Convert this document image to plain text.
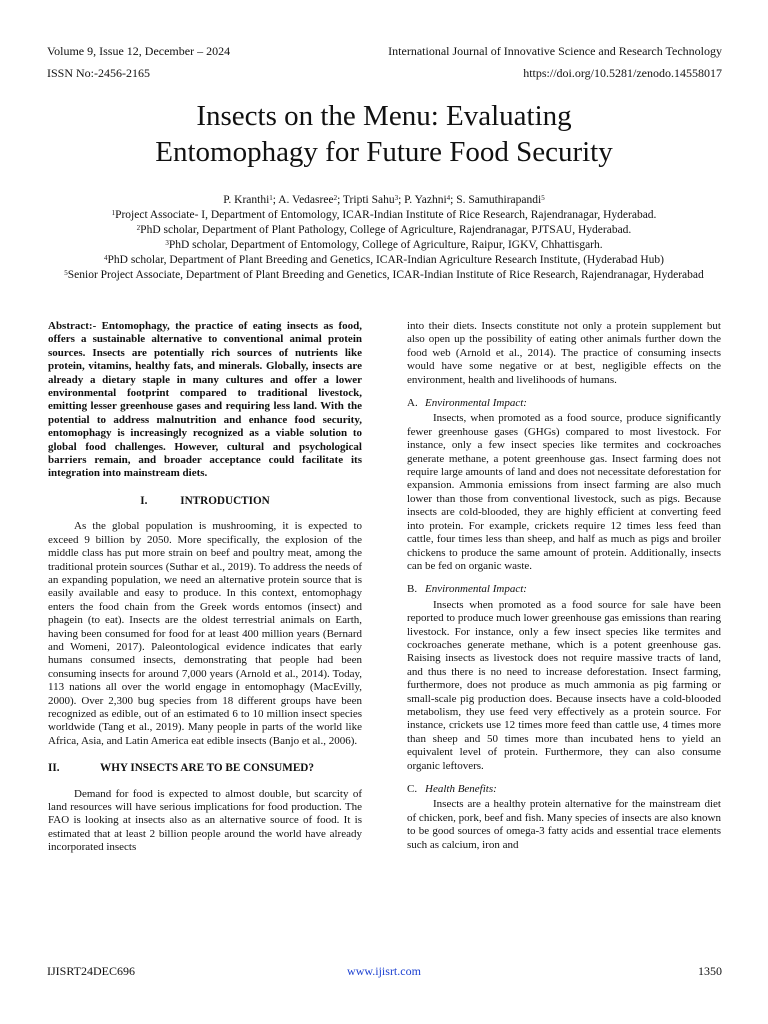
Volume 9, Issue 12, December – 2024	International Journal of Innovative Science and Research Technology
ISSN No:-2456-2165	https://doi.org/10.5281/zenodo.14558017
Insects on the Menu: Evaluating
Entomophagy for Future Food Security

P. Kranthi$^1$; A. Vedasree$^2$; Tripti Sahu$^3$; P. Yazhni$^4$; S. Samuthirapandi$^5$

$^1$Project Associate- I, Department of Entomology, ICAR-Indian Institute of Rice Research, Rajendranagar, Hyderabad.

$^2$PhD scholar, Department of Plant Pathology, College of Agriculture, Rajendranagar, PJTSAU, Hyderabad.

$^3$PhD scholar, Department of Entomology, College of Agriculture, Raipur, IGKV, Chhattisgarh.

$^4$PhD scholar, Department of Plant Breeding and Genetics, ICAR-Indian Agriculture Research Institute, (Hyderabad Hub)

$^5$Senior Project Associate, Department of Plant Breeding and Genetics, ICAR-Indian Institute of Rice Research, Rajendranagar, Hyderabad

Abstract:- Entomophagy, the practice of eating insects as food, offers a sustainable alternative to conventional animal protein sources. Insects are potentially rich sources of nutrients like protein, vitamins, healthy fats, and minerals. Globally, insects are already a dietary staple in many cultures and offer a lower environmental footprint compared to traditional livestock, emitting lesser greenhouse gases and requiring less land. With the potential to address malnutrition and enhance food security, entomophagy is increasingly recognized as a viable solution to global food challenges. However, cultural and psychological barriers remain, and broader acceptance could facilitate its integration into mainstream diets.

I.	INTRODUCTION

As the global population is mushrooming, it is expected to exceed 9 billion by 2050. More specifically, the explosion of the middle class has put more strain on beef and poultry meat, among the traditional protein sources (Suthar et al., 2019). To address the needs of an expanding population, we need an alternative protein source that is easily available and easy to produce. In this context, entomophagy enters the food chain from the Greek words entomos (insect) and phagein (to eat). Insects are the oldest terrestrial animals on Earth, having been consumed for food for at least 400 million years (Bernard and Womeni, 2017). Paleontological evidence indicates that early humans consumed insects, demonstrating that people had been consuming insects for around 7,000 years (Arnold et al., 2014). Today, 113 nations all over the world engage in entomophagy (MacEvilly, 2000). Over 2,300 bug species from 18 different groups have been recognized as edible, out of an estimated 6 to 10 million insect species worldwide (Tang et al., 2019). Many people in parts of the world like Africa, Asia, and Latin America eat edible insects (Banjo et al., 2006).

II.	WHY INSECTS ARE TO BE CONSUMED?

Demand for food is expected to almost double, but scarcity of land resources will have serious implications for food production. The FAO is looking at insects also as an alternative source of food. It is estimated that at least 2 billion people around the world have already incorporated insects

into their diets. Insects constitute not only a protein supplement but also open up the possibility of eating other animals further down the food web (Arnold et al., 2014). The practice of consuming insects would have some negative or at best, negligible effects on the environment, health and livelihoods of humans.

A. Environmental Impact:

Insects, when promoted as a food source, produce significantly fewer greenhouse gases (GHGs) compared to most livestock. For instance, only a few insect species like termites and cockroaches generate methane, a potent greenhouse gas. Insect farming does not require large amounts of land and does not necessitate deforestation for expansion. Ammonia emissions from insect farming are also much lower than those from conventional livestock, such as pigs. Because insects are cold-blooded, they are highly efficient at converting feed into protein. For example, crickets require 12 times less feed than cattle, four times less than sheep, and half as much as pigs and broiler chickens to produce the same amount of protein. Additionally, insects can be fed on organic waste.

B. Environmental Impact:

Insects when promoted as a food source for sale have been reported to produce much lower greenhouse gas emissions than rearing livestock. For instance, only a few insect species like termites and cockroaches generate methane, which is a potent greenhouse gas. Raising insects as livestock does not require massive tracts of land, and thus there is no need to increase deforestation. Insect farming, furthermore, does not produce as much ammonia as pig farming or small-scale pig production does. Because insects have a cold-blooded metabolism, they use feed very effectively as a protein source. For instance, crickets use 12 times more feed than cattle use, 4 times more than sheep and 50 times more than incubated hens to yield an equivalent level of protein. Furthermore, they can also consume organic leftovers.

C. Health Benefits:

Insects are a healthy protein alternative for the mainstream diet of chicken, pork, beef and fish. Many species of insects are also known to be good sources of omega-3 fatty acids and essential trace elements such as calcium, iron and

IJISRT24DEC696	www.ijisrt.com	1350
